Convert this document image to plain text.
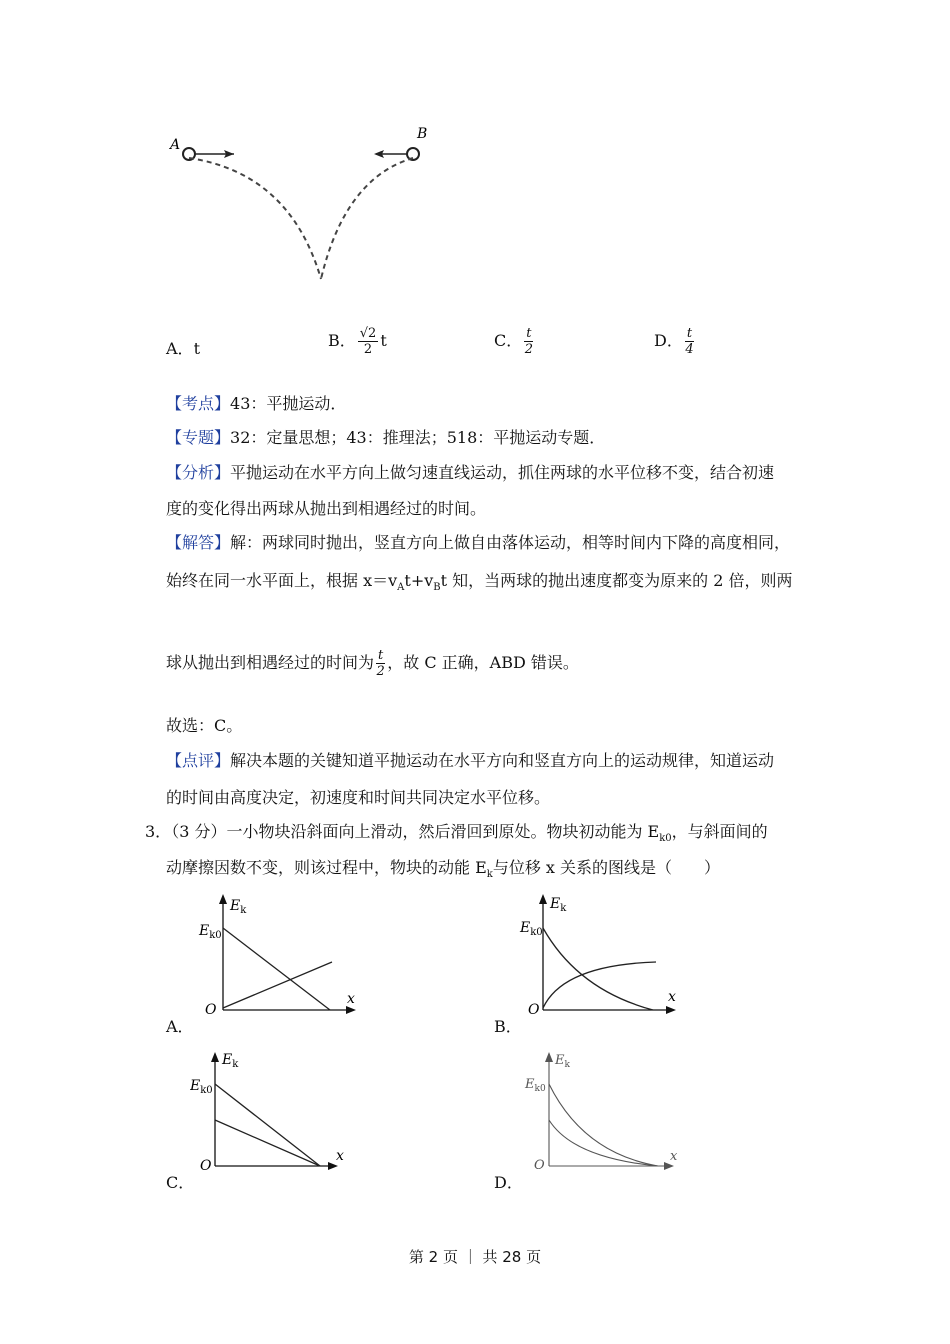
A
B
A．t	B． $\frac{√2}{2}$ t	C． $\frac{t}{2}$	D． $\frac{t}{4}$
【考点】43：平抛运动．
【专题】32：定量思想；43：推理法；518：平抛运动专题．
【分析】平抛运动在水平方向上做匀速直线运动，抓住两球的水平位移不变，结合初速
度的变化得出两球从抛出到相遇经过的时间。
【解答】解：两球同时抛出，竖直方向上做自由落体运动，相等时间内下降的高度相同，
始终在同一水平面上，根据 $x=v_At+v_Bt$ 知，当两球的抛出速度都变为原来的 2 倍，则两
球从抛出到相遇经过的时间为 $\frac{t}{2}$ ，故 C 正确，ABD 错误。
故选：C。
【点评】解决本题的关键知道平抛运动在水平方向和竖直方向上的运动规律，知道运动
的时间由高度决定，初速度和时间共同决定水平位移。
3．（3 分）一小物块沿斜面向上滑动，然后滑回到原处。物块初动能为 $E_{k0}$，与斜面间的
动摩擦因数不变，则该过程中，物块的动能 $E_k$与位移 x 关系的图线是（　　）
$E_k$
$E_{k0}$
O
x
A．
$E_k$
$E_{k0}$
O
x
B．
$E_k$
$E_{k0}$
O
x
C．
$E_k$
$E_{k0}$
O
x
D．
第 2 页 ｜ 共 28 页
